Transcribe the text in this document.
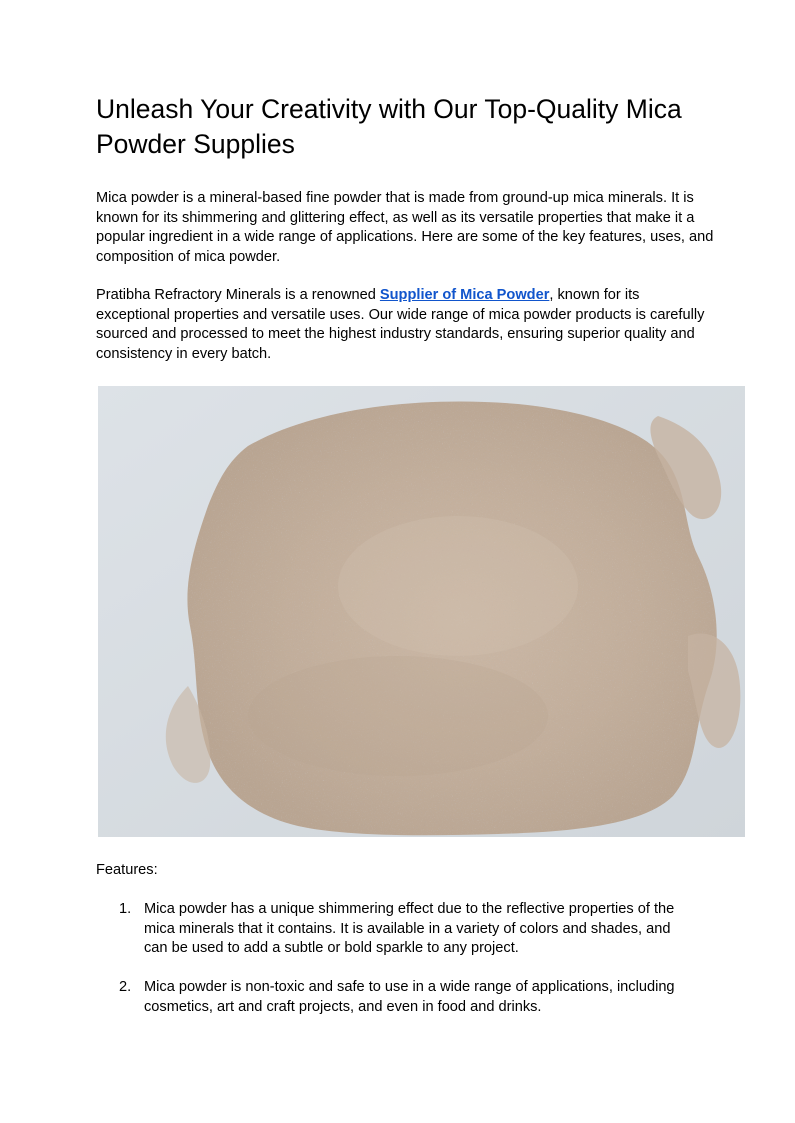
Unleash Your Creativity with Our Top-Quality Mica Powder Supplies

Mica powder is a mineral-based fine powder that is made from ground-up mica minerals. It is known for its shimmering and glittering effect, as well as its versatile properties that make it a popular ingredient in a wide range of applications. Here are some of the key features, uses, and composition of mica powder.

Pratibha Refractory Minerals is a renowned Supplier of Mica Powder, known for its exceptional properties and versatile uses. Our wide range of mica powder products is carefully sourced and processed to meet the highest industry standards, ensuring superior quality and consistency in every batch.

Features:

1. Mica powder has a unique shimmering effect due to the reflective properties of the mica minerals that it contains. It is available in a variety of colors and shades, and can be used to add a subtle or bold sparkle to any project.
2. Mica powder is non-toxic and safe to use in a wide range of applications, including cosmetics, art and craft projects, and even in food and drinks.
